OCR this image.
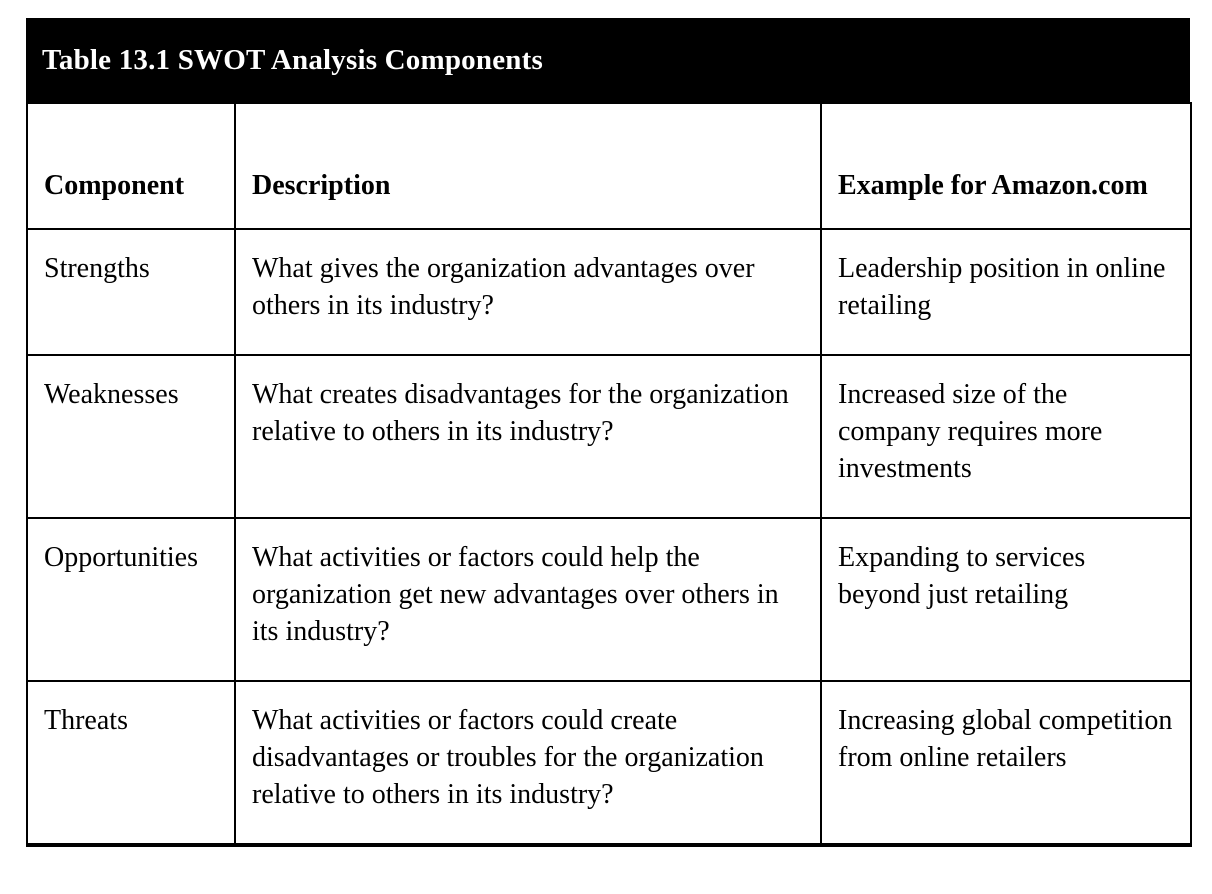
Table 13.1 SWOT Analysis Components
Component	Description	Example for Amazon.com
Strengths	What gives the organization advantages over others in its industry?	Leadership position in online retailing
Weaknesses	What creates disadvantages for the organization relative to others in its industry?	Increased size of the company requires more investments
Opportunities	What activities or factors could help the organization get new advantages over others in its industry?	Expanding to services beyond just retailing
Threats	What activities or factors could create disadvantages or troubles for the organization relative to others in its industry?	Increasing global competition from online retailers
